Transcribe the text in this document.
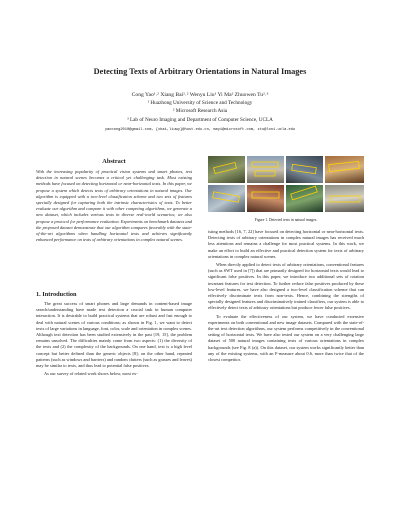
Detecting Texts of Arbitrary Orientations in Natural Images
Cong Yao¹˒² Xiang Bai¹˒² Wenyu Liu¹ Yi Ma² Zhuowen Tu²˒³
¹ Huazhong University of Science and Technology
² Microsoft Research Asia
³ Lab of Neuro Imaging and Department of Computer Science, UCLA
yaocong2010@gmail.com, {xbai,liuwy}@hust.edu.cn, mayi@microsoft.com, ztu@loni.ucla.edu
Abstract

With the increasing popularity of practical vision systems and smart phones, text detection in natural scenes becomes a critical yet challenging task. Most existing methods have focused on detecting horizontal or near-horizontal texts. In this paper, we propose a system which detects texts of arbitrary orientations in natural images. Our algorithm is equipped with a two-level classification scheme and two sets of features specially designed for capturing both the intrinsic characteristics of texts. To better evaluate our algorithm and compare it with other competing algorithms, we generate a new dataset, which includes various texts in diverse real-world scenarios; we also propose a protocol for performance evaluation. Experiments on benchmark datasets and the proposed dataset demonstrate that our algorithm compares favorably with the state-of-the-art algorithms when handling horizontal texts and achieves significantly enhanced performance on texts of arbitrary orientations in complex natural scenes.

1. Introduction

The great success of smart phones and large demands in content-based image search/understanding have made text detection a crucial task in human computer interaction. It is desirable to build practical systems that are robust and fast enough to deal with natural scenes of various conditions; as shown in Fig. 1, we want to detect texts of large variations in language, font, color, scale and orientation in complex scenes. Although text detection has been studied extensively in the past [19, 15], the problem remains unsolved. The difficulties mainly come from two aspects: (1) the diversity of the texts and (2) the complexity of the backgrounds. On one hand, text is a high level concept but better defined than the generic objects [8]; on the other hand, repeated patterns (such as windows and barriers) and random clutters (such as grasses and leaves) may be similar to texts, and thus lead to potential false positives.

As our survey of related work shows below, most ex-

Figure 1. Detected texts in natural images.

isting methods [16, 7, 22] have focused on detecting horizontal or near-horizontal texts. Detecting texts of arbitrary orientations in complex natural images has received much less attentions and remains a challenge for most practical systems. In this work, we make an effort to build an effective and practical detection system for texts of arbitrary orientations in complex natural scenes.

When directly applied to detect texts of arbitrary orientations, conventional features (such as SWT used in [7]) that are primarily designed for horizontal texts would lead to significant false positives. In this paper, we introduce two additional sets of rotation invariant features for text detection. To further reduce false positives produced by these low-level features, we have also designed a two-level classification scheme that can effectively discriminate texts from non-texts. Hence, combining the strengths of specially designed features and discriminatively trained classifiers, our system is able to effectively detect texts of arbitrary orientations but produce fewer false positives.

To evaluate the effectiveness of our system, we have conducted extensive experiments on both conventional and new image datasets. Compared with the state-of-the-art text detection algorithms, our system performs competitively in the conventional setting of horizontal texts. We have also tested our system on a very challenging large dataset of 500 natural images containing texts of various orientations in complex backgrounds (see Fig. 8 (a)). On this dataset, our system works significantly better than any of the existing systems, with an F-measure about 0.6, more than twice that of the closest competitor.
